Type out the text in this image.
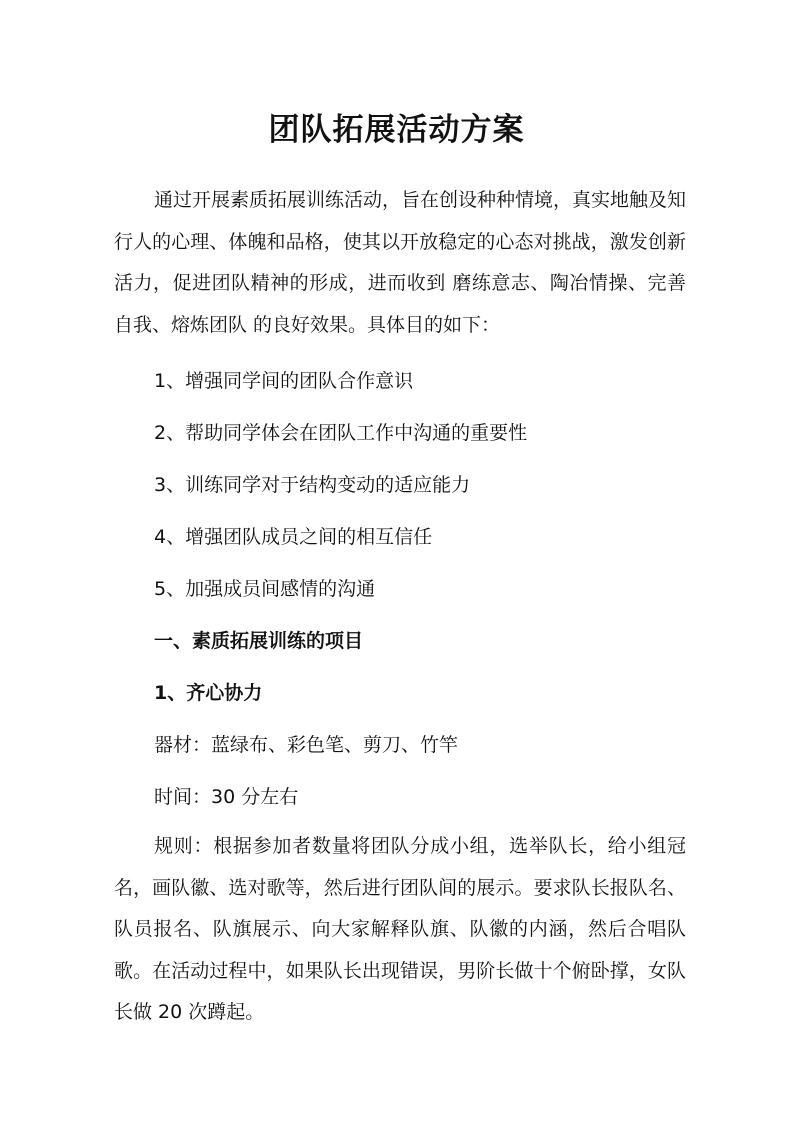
团队拓展活动方案

通过开展素质拓展训练活动，旨在创设种种情境，真实地触及知行人的心理、体魄和品格，使其以开放稳定的心态对挑战，激发创新活力，促进团队精神的形成，进而收到 磨练意志、陶冶情操、完善自我、熔炼团队 的良好效果。具体目的如下：

1、增强同学间的团队合作意识

2、帮助同学体会在团队工作中沟通的重要性

3、训练同学对于结构变动的适应能力

4、增强团队成员之间的相互信任

5、加强成员间感情的沟通

一、素质拓展训练的项目

1、齐心协力

器材：蓝绿布、彩色笔、剪刀、竹竿

时间：30 分左右

规则：根据参加者数量将团队分成小组，选举队长，给小组冠名，画队徽、选对歌等，然后进行团队间的展示。要求队长报队名、队员报名、队旗展示、向大家解释队旗、队徽的内涵，然后合唱队歌。在活动过程中，如果队长出现错误，男阶长做十个俯卧撑，女队长做 20 次蹲起。
